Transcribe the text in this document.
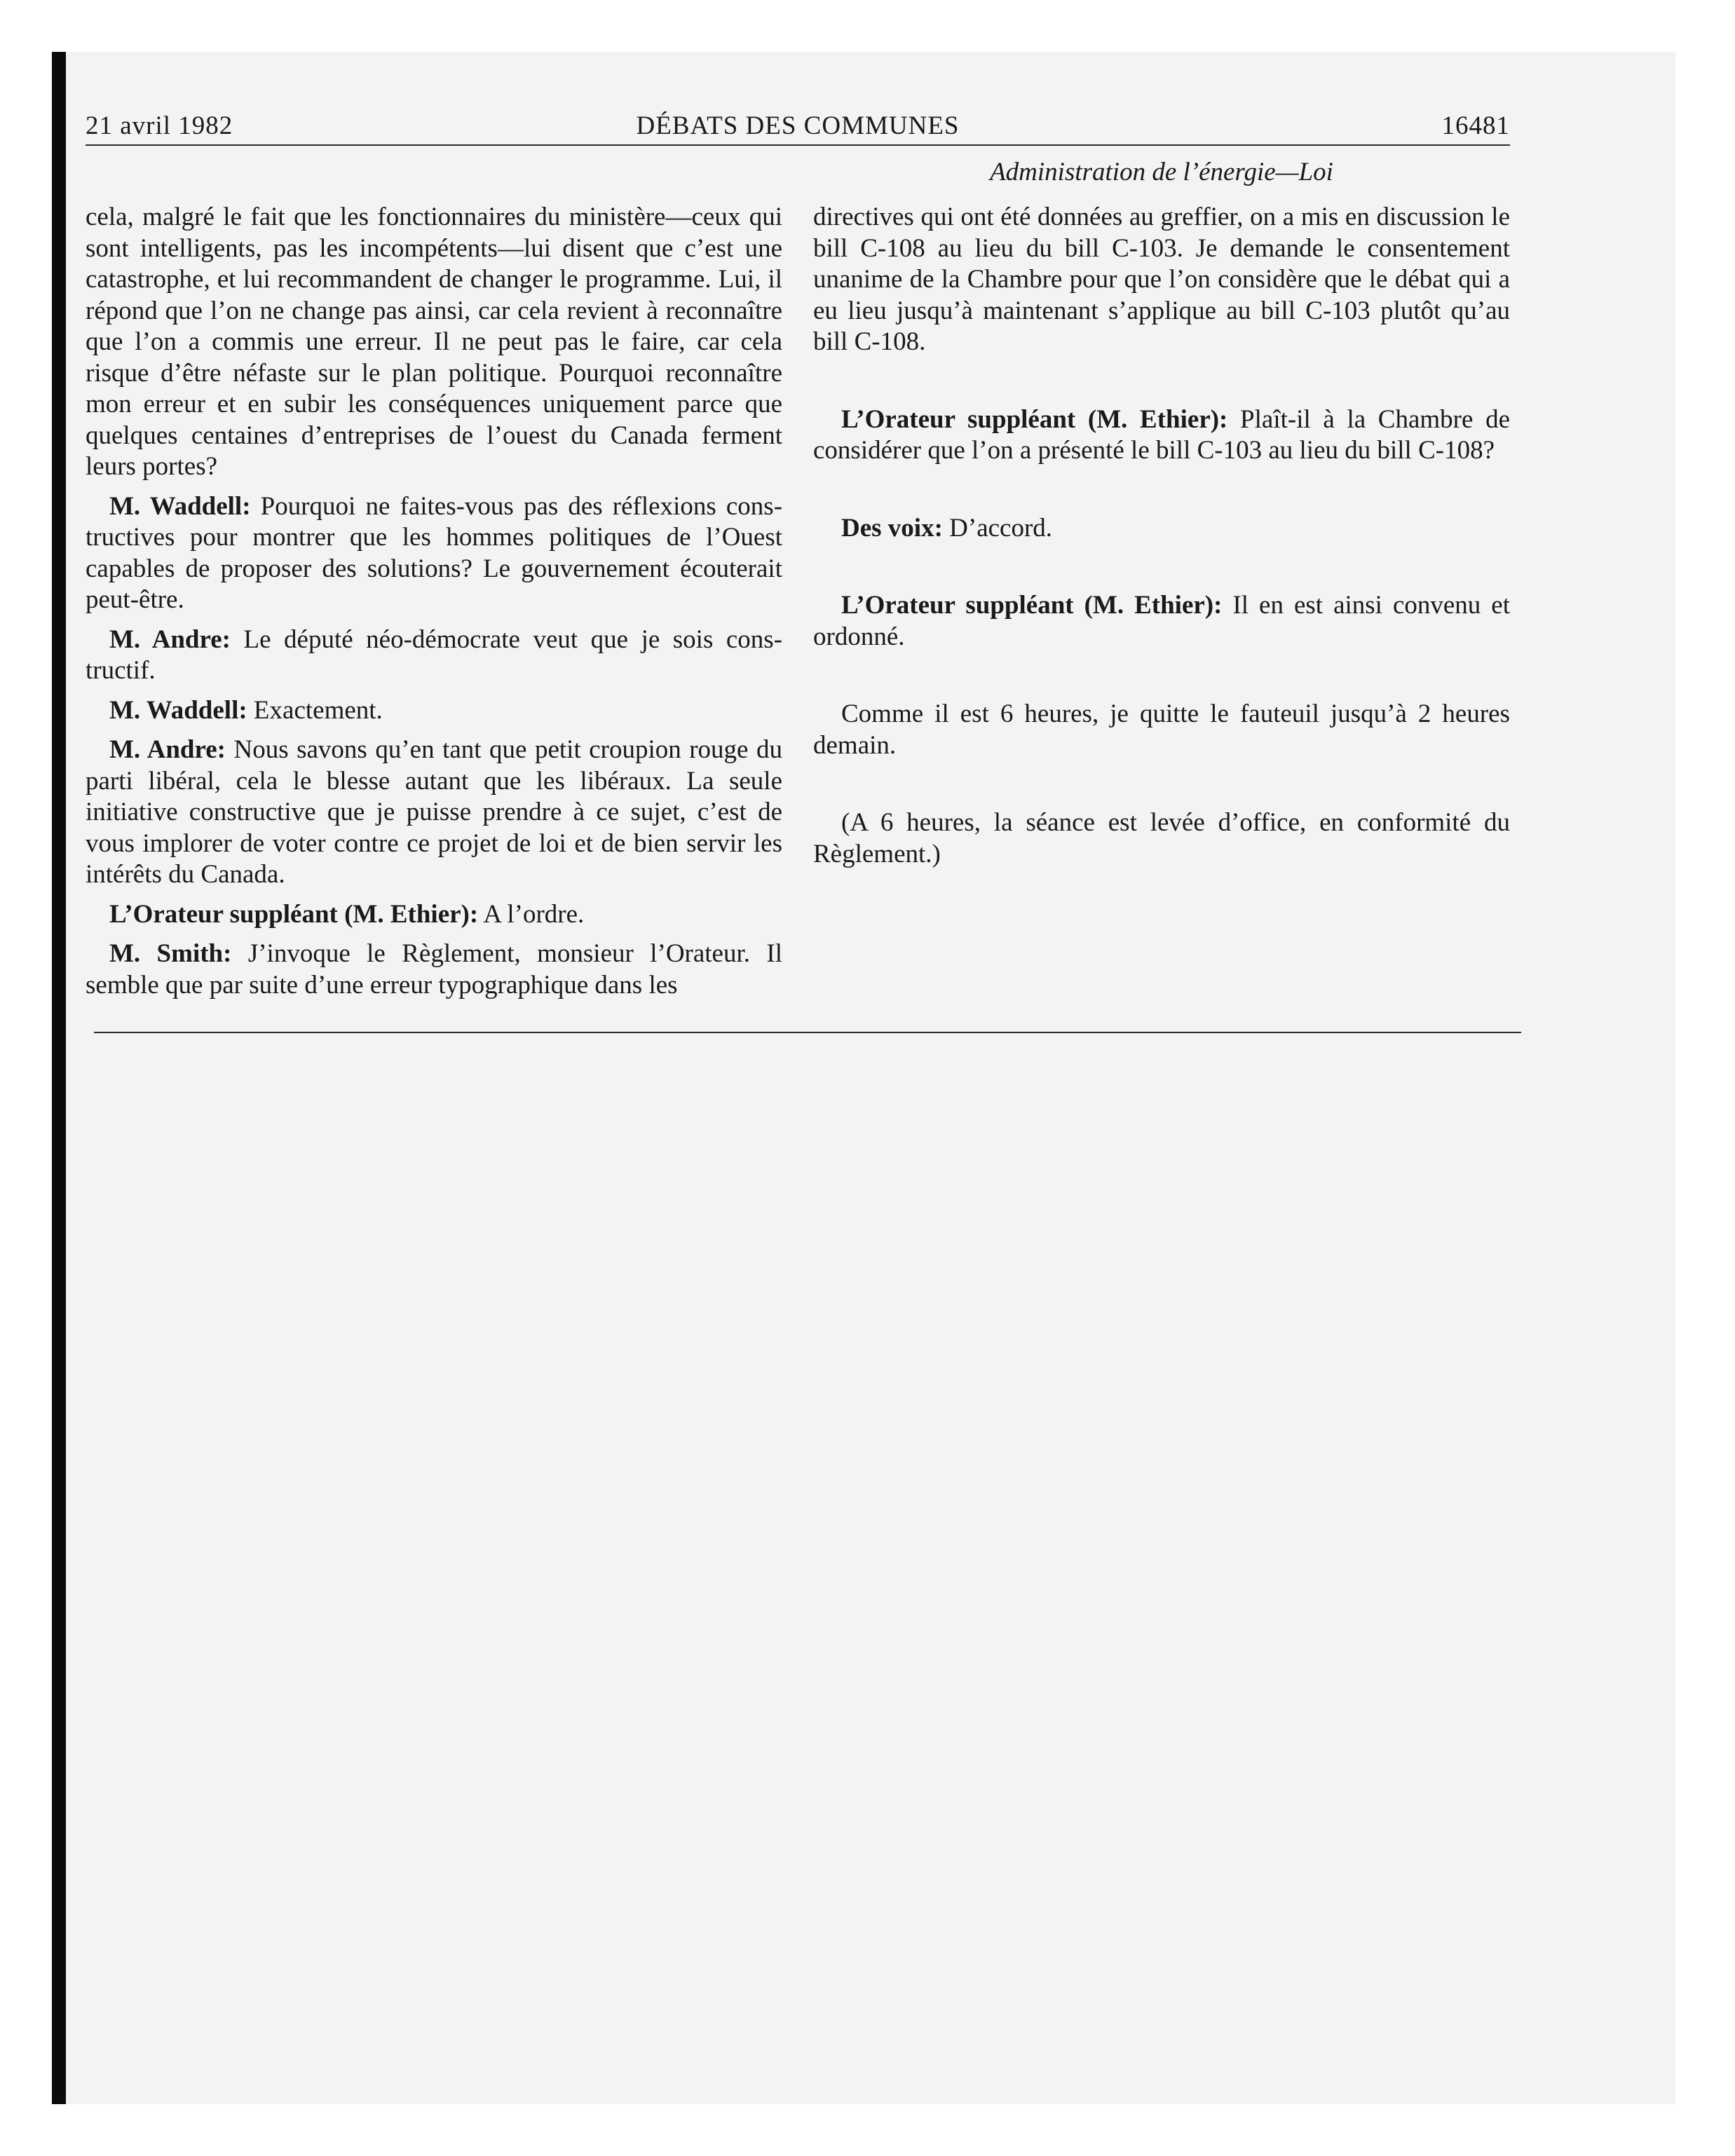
21 avril 1982	DÉBATS DES COMMUNES	16481
Administration de l’énergie—Loi

cela, malgré le fait que les fonctionnaires du ministère—ceux qui sont intelligents, pas les incompétents—lui disent que c’est une catastrophe, et lui recommandent de changer le programme. Lui, il répond que l’on ne change pas ainsi, car cela revient à reconnaître que l’on a commis une erreur. Il ne peut pas le faire, car cela risque d’être néfaste sur le plan politique. Pourquoi reconnaître mon erreur et en subir les conséquences uniquement parce que quelques centaines d’entreprises de l’ouest du Canada ferment leurs portes?

M. Waddell: Pourquoi ne faites-vous pas des réflexions constructives pour montrer que les hommes politiques de l’Ouest capables de proposer des solutions? Le gouvernement écouterait peut-être.

M. Andre: Le député néo-démocrate veut que je sois constructif.

M. Waddell: Exactement.

M. Andre: Nous savons qu’en tant que petit croupion rouge du parti libéral, cela le blesse autant que les libéraux. La seule initiative constructive que je puisse prendre à ce sujet, c’est de vous implorer de voter contre ce projet de loi et de bien servir les intérêts du Canada.

L’Orateur suppléant (M. Ethier): A l’ordre.

M. Smith: J’invoque le Règlement, monsieur l’Orateur. Il semble que par suite d’une erreur typographique dans les

directives qui ont été données au greffier, on a mis en discussion le bill C-108 au lieu du bill C-103. Je demande le consentement unanime de la Chambre pour que l’on considère que le débat qui a eu lieu jusqu’à maintenant s’applique au bill C-103 plutôt qu’au bill C-108.

L’Orateur suppléant (M. Ethier): Plaît-il à la Chambre de considérer que l’on a présenté le bill C-103 au lieu du bill C-108?

Des voix: D’accord.

L’Orateur suppléant (M. Ethier): Il en est ainsi convenu et ordonné.

Comme il est 6 heures, je quitte le fauteuil jusqu’à 2 heures demain.

(A 6 heures, la séance est levée d’office, en conformité du Règlement.)
